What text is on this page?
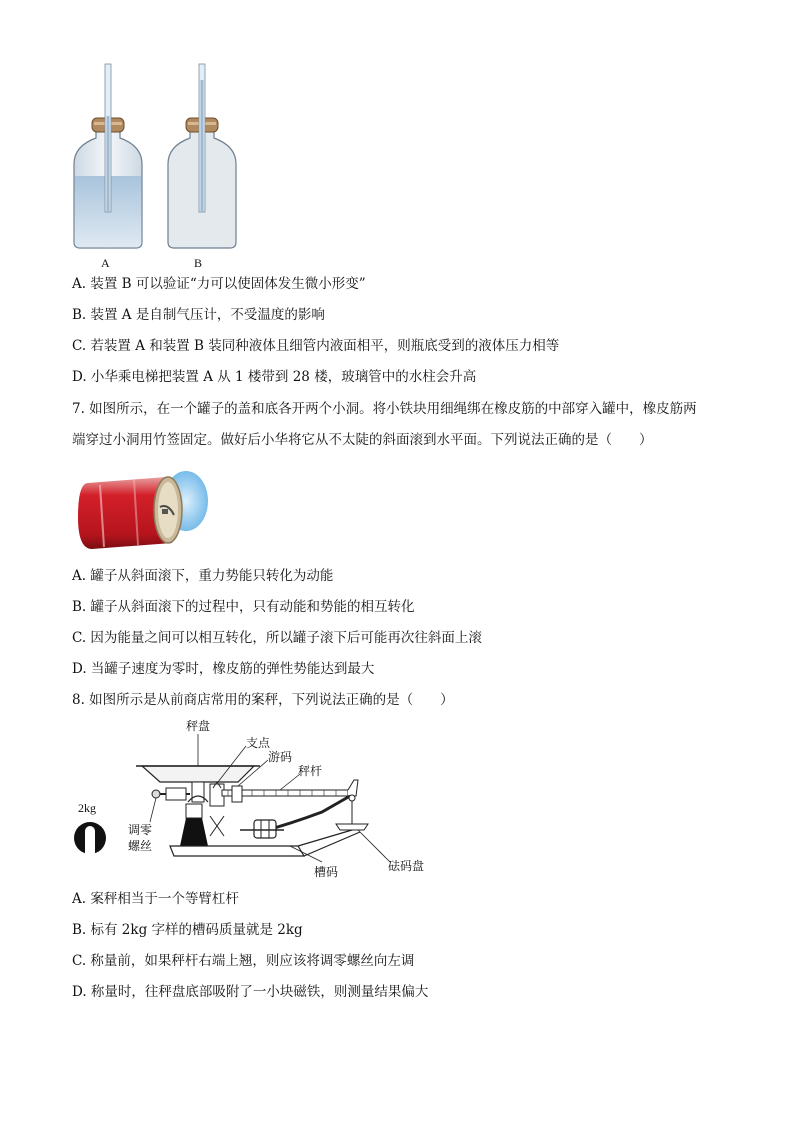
A	B
A. 装置 B 可以验证“力可以使固体发生微小形变”
B. 装置 A 是自制气压计，不受温度的影响
C. 若装置 A 和装置 B 装同种液体且细管内液面相平，则瓶底受到的液体压力相等
D. 小华乘电梯把装置 A 从 1 楼带到 28 楼，玻璃管中的水柱会升高
7. 如图所示，在一个罐子的盖和底各开两个小洞。将小铁块用细绳绑在橡皮筋的中部穿入罐中，橡皮筋两
端穿过小洞用竹签固定。做好后小华将它从不太陡的斜面滚到水平面。下列说法正确的是（　　）
A. 罐子从斜面滚下，重力势能只转化为动能
B. 罐子从斜面滚下的过程中，只有动能和势能的相互转化
C. 因为能量之间可以相互转化，所以罐子滚下后可能再次往斜面上滚
D. 当罐子速度为零时，橡皮筋的弹性势能达到最大
8. 如图所示是从前商店常用的案秤，下列说法正确的是（　　）
2kg
秤盘
支点
游码
秤杆
调零
螺丝
槽码	砝码盘
A. 案秤相当于一个等臂杠杆
B. 标有 2kg 字样的槽码质量就是 2kg
C. 称量前，如果秤杆右端上翘，则应该将调零螺丝向左调
D. 称量时，往秤盘底部吸附了一小块磁铁，则测量结果偏大
